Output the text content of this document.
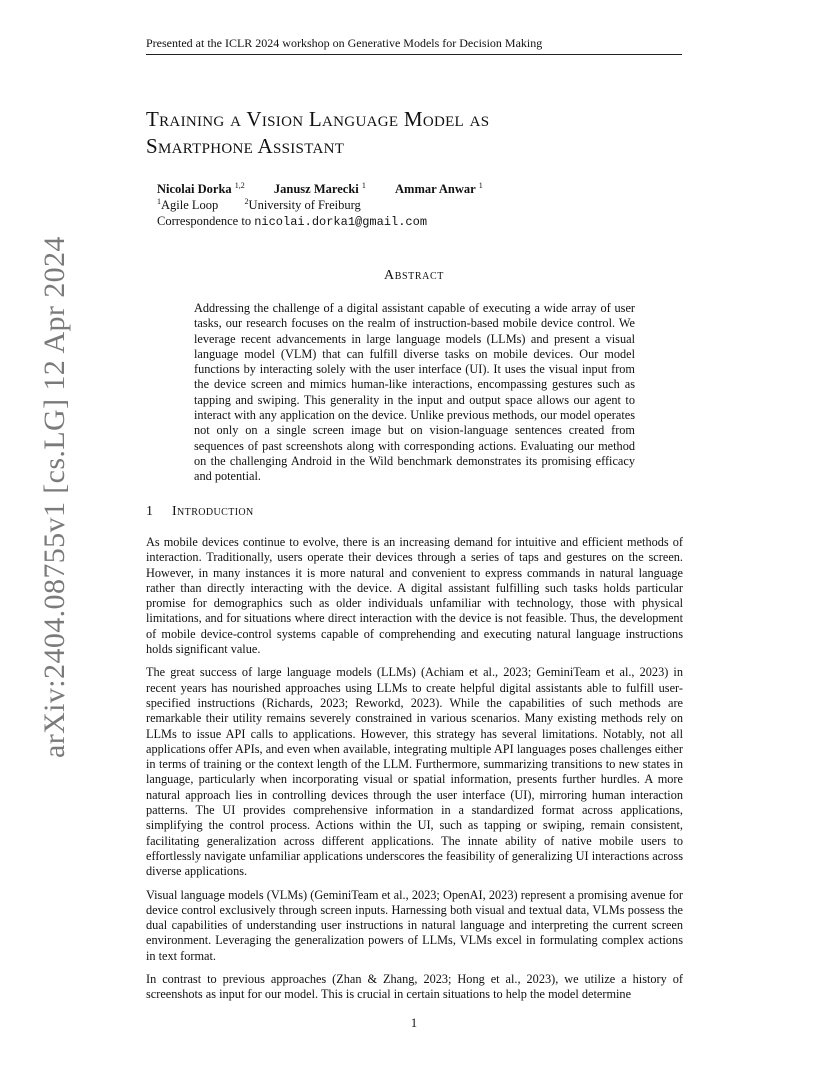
Presented at the ICLR 2024 workshop on Generative Models for Decision Making
Training a Vision Language Model as
Smartphone Assistant
Nicolai Dorka $^{1,2}$ Janusz Marecki $^1$ Ammar Anwar $^1$
$^1$Agile Loop	$^2$University of Freiburg
Correspondence to nicolai.dorka1@gmail.com
Abstract
Addressing the challenge of a digital assistant capable of executing a wide array of user tasks, our research focuses on the realm of instruction-based mobile device control. We leverage recent advancements in large language models (LLMs) and present a visual language model (VLM) that can fulfill diverse tasks on mobile devices. Our model functions by interacting solely with the user interface (UI). It uses the visual input from the device screen and mimics human-like interactions, encompassing gestures such as tapping and swiping. This generality in the input and output space allows our agent to interact with any application on the device. Unlike previous methods, our model operates not only on a single screen image but on vision-language sentences created from sequences of past screenshots along with corresponding actions. Evaluating our method on the challenging Android in the Wild benchmark demonstrates its promising efficacy and potential.
1 Introduction

As mobile devices continue to evolve, there is an increasing demand for intuitive and efficient methods of interaction. Traditionally, users operate their devices through a series of taps and gestures on the screen. However, in many instances it is more natural and convenient to express commands in natural language rather than directly interacting with the device. A digital assistant fulfilling such tasks holds particular promise for demographics such as older individuals unfamiliar with technology, those with physical limitations, and for situations where direct interaction with the device is not feasible. Thus, the development of mobile device-control systems capable of comprehending and executing natural language instructions holds significant value.

The great success of large language models (LLMs) (Achiam et al., 2023; GeminiTeam et al., 2023) in recent years has nourished approaches using LLMs to create helpful digital assistants able to fulfill user-specified instructions (Richards, 2023; Reworkd, 2023). While the capabilities of such methods are remarkable their utility remains severely constrained in various scenarios. Many existing methods rely on LLMs to issue API calls to applications. However, this strategy has several limitations. Notably, not all applications offer APIs, and even when available, integrating multiple API languages poses challenges either in terms of training or the context length of the LLM. Furthermore, summarizing transitions to new states in language, particularly when incorporating visual or spatial information, presents further hurdles. A more natural approach lies in controlling devices through the user interface (UI), mirroring human interaction patterns. The UI provides comprehensive information in a standardized format across applications, simplifying the control process. Actions within the UI, such as tapping or swiping, remain consistent, facilitating generalization across different applications. The innate ability of native mobile users to effortlessly navigate unfamiliar applications underscores the feasibility of generalizing UI interactions across diverse applications.

Visual language models (VLMs) (GeminiTeam et al., 2023; OpenAI, 2023) represent a promising avenue for device control exclusively through screen inputs. Harnessing both visual and textual data, VLMs possess the dual capabilities of understanding user instructions in natural language and interpreting the current screen environment. Leveraging the generalization powers of LLMs, VLMs excel in formulating complex actions in text format.

In contrast to previous approaches (Zhan & Zhang, 2023; Hong et al., 2023), we utilize a history of screenshots as input for our model. This is crucial in certain situations to help the model determine

1
arXiv:2404.08755v1 [cs.LG] 12 Apr 2024
